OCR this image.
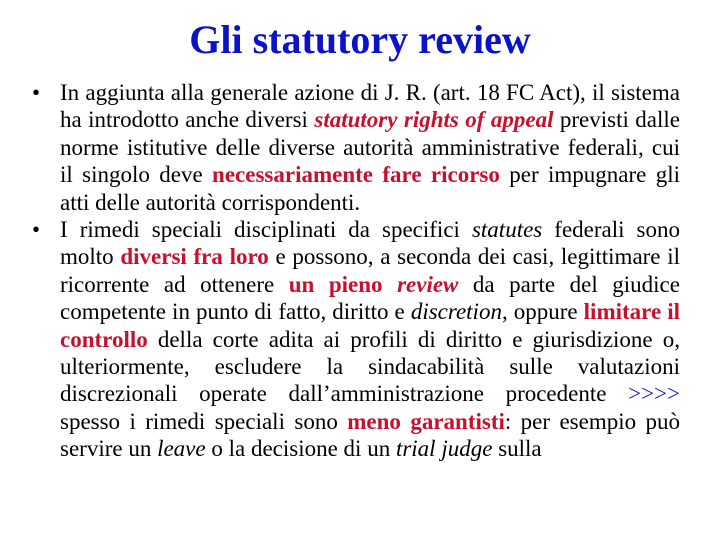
Gli statutory review
• In aggiunta alla generale azione di J. R. (art. 18 FC Act), il sistema ha introdotto anche diversi statutory rights of appeal previsti dalle norme istitutive delle diverse autorità amministrative federali, cui il singolo deve necessariamente fare ricorso per impugnare gli atti delle autorità corrispondenti.
• I rimedi speciali disciplinati da specifici statutes federali sono molto diversi fra loro e possono, a seconda dei casi, legittimare il ricorrente ad ottenere un pieno review da parte del giudice competente in punto di fatto, diritto e discretion, oppure limitare il controllo della corte adita ai profili di diritto e giurisdizione o, ulteriormente, escludere la sindacabilità sulle valutazioni discrezionali operate dall’amministrazione procedente >>>> spesso i rimedi speciali sono meno garantisti: per esempio può servire un leave o la decisione di un trial judge sulla
